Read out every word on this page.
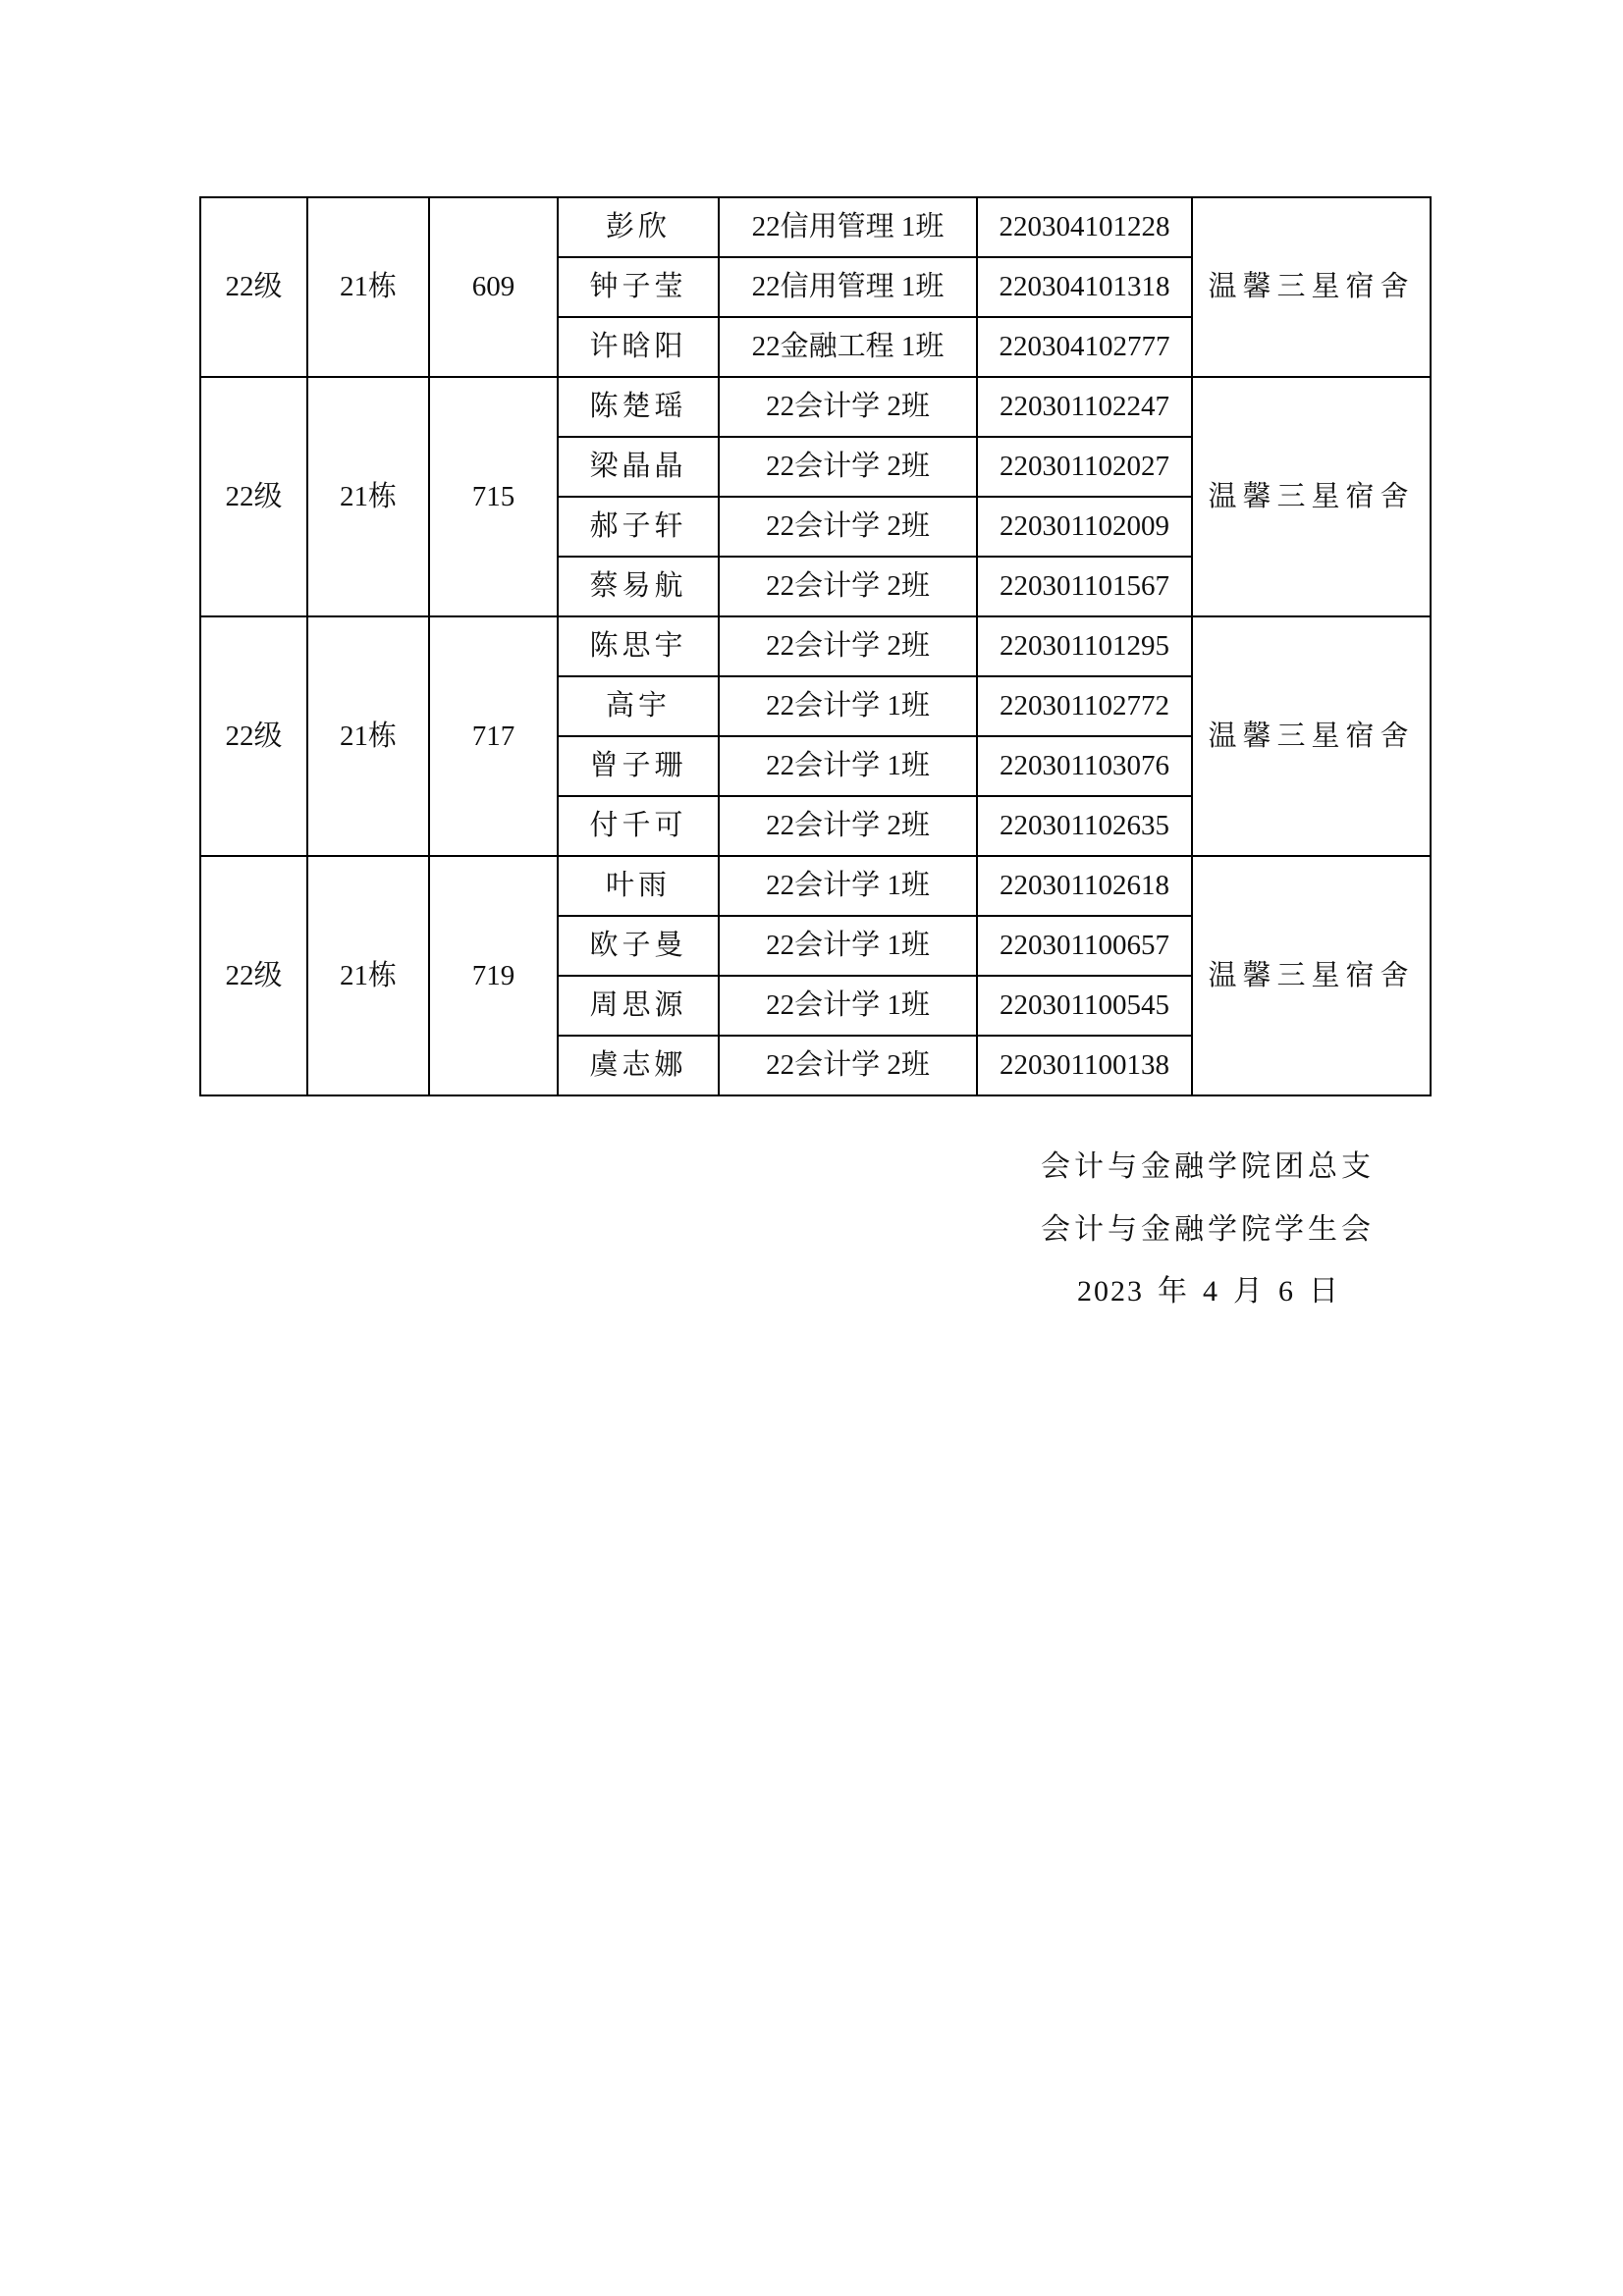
22级	21栋	609	彭欣	22信用管理 1班	220304101228	温馨三星宿舍
			钟子莹	22信用管理 1班	220304101318	
			许晗阳	22金融工程 1班	220304102777	
22级	21栋	715	陈楚瑶	22会计学 2班	220301102247	温馨三星宿舍
			梁晶晶	22会计学 2班	220301102027	
			郝子轩	22会计学 2班	220301102009	
			蔡易航	22会计学 2班	220301101567	
22级	21栋	717	陈思宇	22会计学 2班	220301101295	温馨三星宿舍
			高宇	22会计学 1班	220301102772	
			曾子珊	22会计学 1班	220301103076	
			付千可	22会计学 2班	220301102635	
22级	21栋	719	叶雨	22会计学 1班	220301102618	温馨三星宿舍
			欧子曼	22会计学 1班	220301100657	
			周思源	22会计学 1班	220301100545	
			虞志娜	22会计学 2班	220301100138	
会计与金融学院团总支
会计与金融学院学生会
2023 年 4 月 6 日
